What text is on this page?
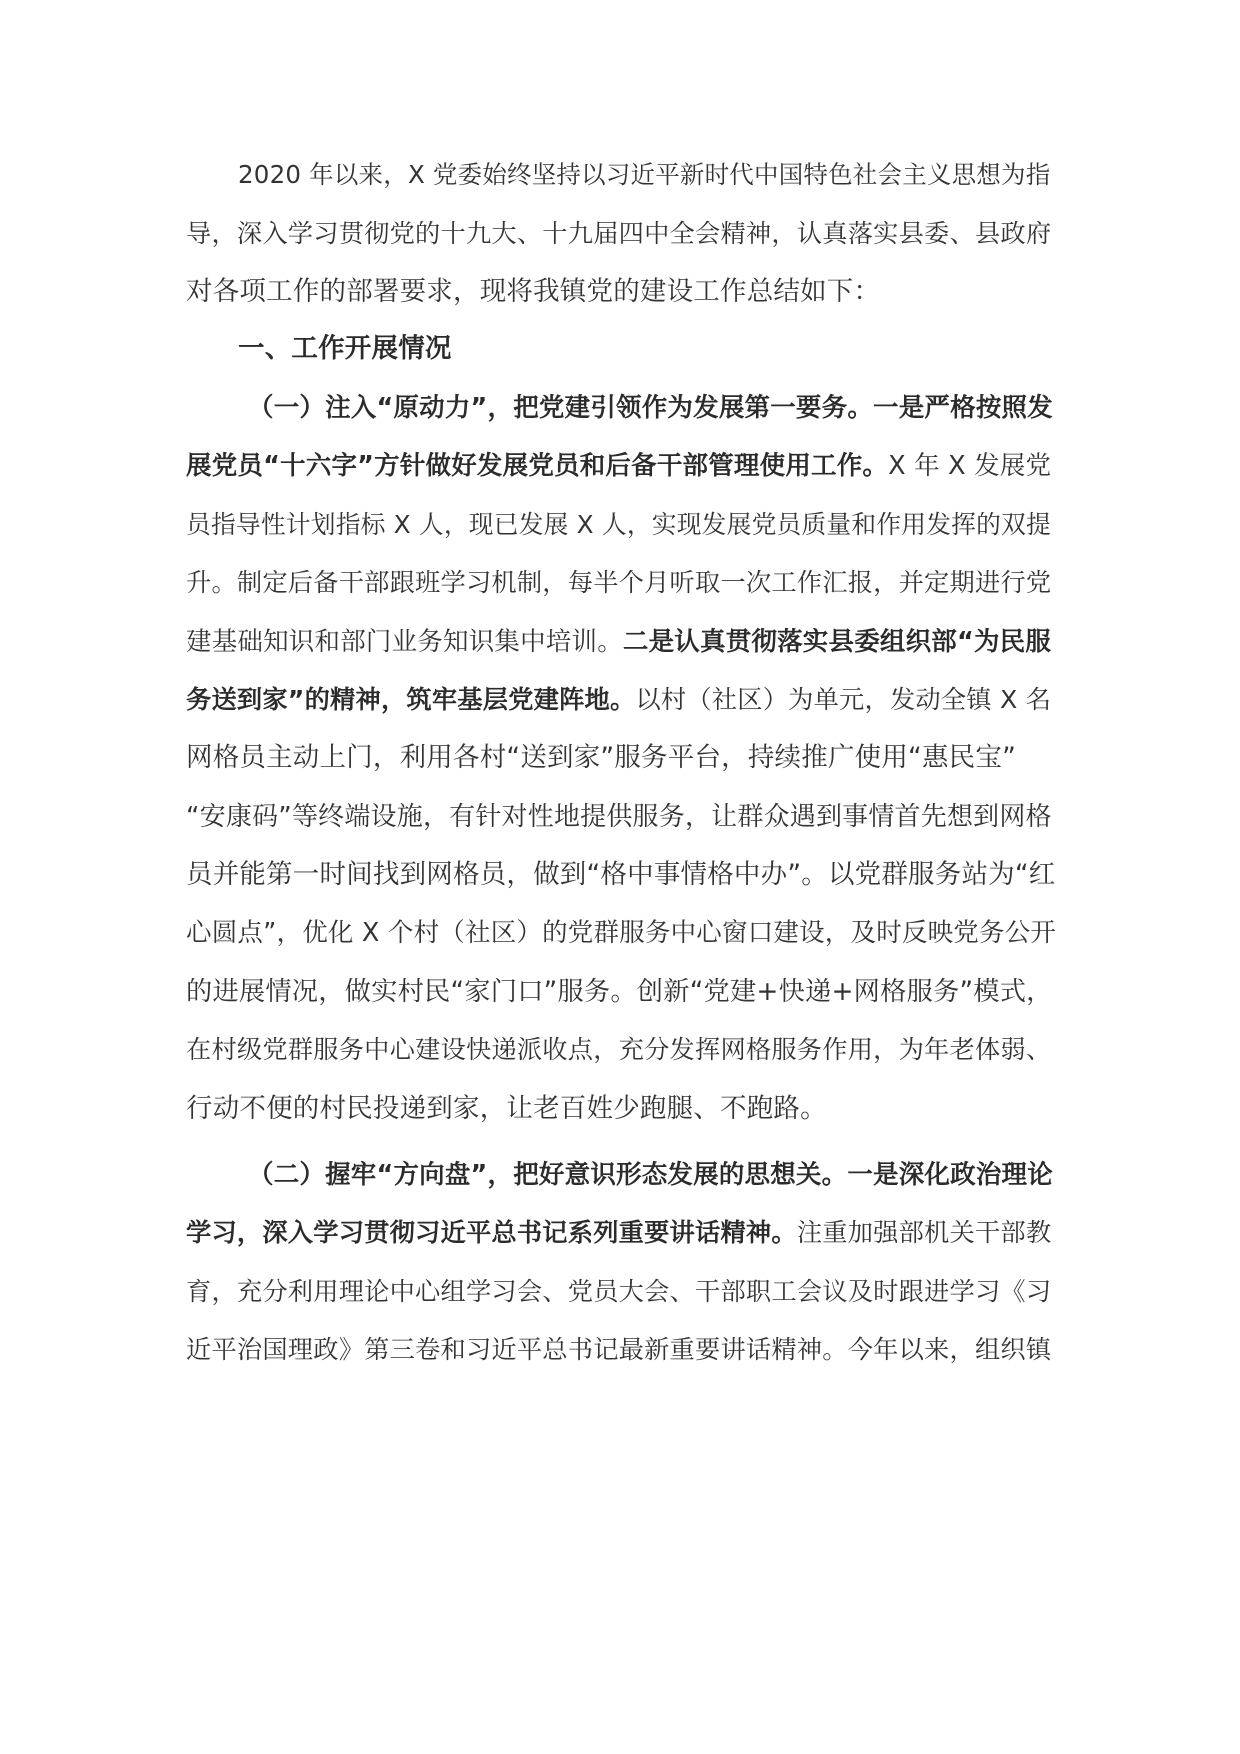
2020 年以来，X 党委始终坚持以习近平新时代中国特色社会主义思想为指
导，深入学习贯彻党的十九大、十九届四中全会精神，认真落实县委、县政府
对各项工作的部署要求，现将我镇党的建设工作总结如下：
一、工作开展情况
（一）注入“原动力”，把党建引领作为发展第一要务。一是严格按照发
展党员“十六字”方针做好发展党员和后备干部管理使用工作。X 年 X 发展党
员指导性计划指标 X 人，现已发展 X 人，实现发展党员质量和作用发挥的双提
升。制定后备干部跟班学习机制，每半个月听取一次工作汇报，并定期进行党
建基础知识和部门业务知识集中培训。二是认真贯彻落实县委组织部“为民服
务送到家”的精神，筑牢基层党建阵地。以村（社区）为单元，发动全镇 X 名
网格员主动上门，利用各村“送到家”服务平台，持续推广使用“惠民宝”
“安康码”等终端设施，有针对性地提供服务，让群众遇到事情首先想到网格
员并能第一时间找到网格员，做到“格中事情格中办”。以党群服务站为“红
心圆点”，优化 X 个村（社区）的党群服务中心窗口建设，及时反映党务公开
的进展情况，做实村民“家门口”服务。创新“党建+快递+网格服务”模式，
在村级党群服务中心建设快递派收点，充分发挥网格服务作用，为年老体弱、
行动不便的村民投递到家，让老百姓少跑腿、不跑路。
（二）握牢“方向盘”，把好意识形态发展的思想关。一是深化政治理论
学习，深入学习贯彻习近平总书记系列重要讲话精神。注重加强部机关干部教
育，充分利用理论中心组学习会、党员大会、干部职工会议及时跟进学习《习
近平治国理政》第三卷和习近平总书记最新重要讲话精神。今年以来，组织镇
